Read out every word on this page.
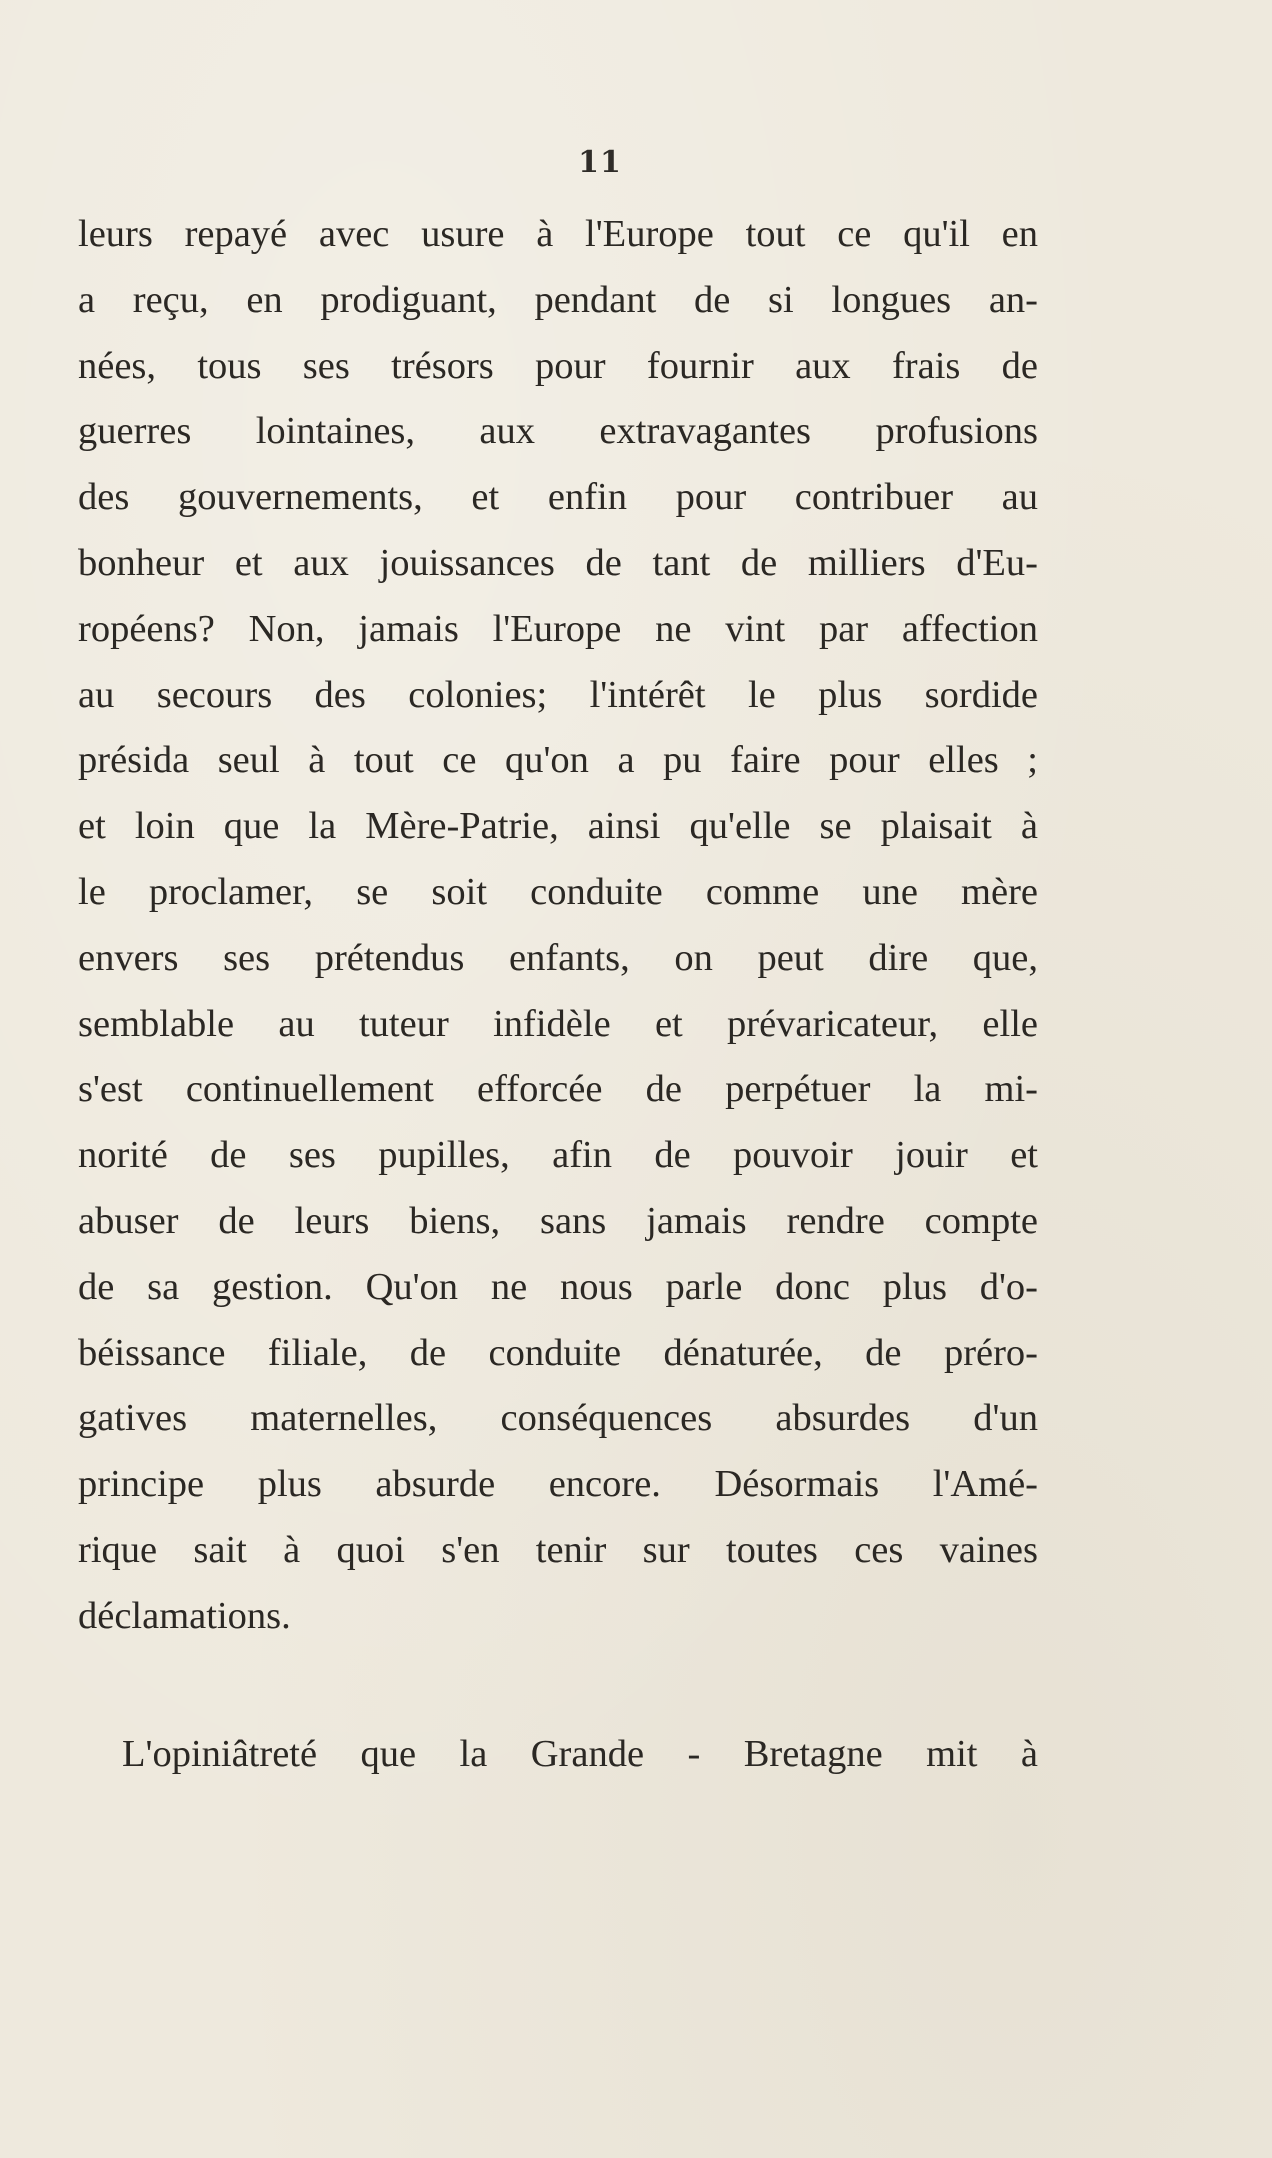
11
leurs repayé avec usure à l'Europe tout ce qu'il en
a reçu, en prodiguant, pendant de si longues an-
nées, tous ses trésors pour fournir aux frais de
guerres lointaines, aux extravagantes profusions
des gouvernements, et enfin pour contribuer au
bonheur et aux jouissances de tant de milliers d'Eu-
ropéens? Non, jamais l'Europe ne vint par affection
au secours des colonies; l'intérêt le plus sordide
présida seul à tout ce qu'on a pu faire pour elles ;
et loin que la Mère-Patrie, ainsi qu'elle se plaisait à
le proclamer, se soit conduite comme une mère
envers ses prétendus enfants, on peut dire que,
semblable au tuteur infidèle et prévaricateur, elle
s'est continuellement efforcée de perpétuer la mi-
norité de ses pupilles, afin de pouvoir jouir et
abuser de leurs biens, sans jamais rendre compte
de sa gestion. Qu'on ne nous parle donc plus d'o-
béissance filiale, de conduite dénaturée, de préro-
gatives maternelles, conséquences absurdes d'un
principe plus absurde encore. Désormais l'Amé-
rique sait à quoi s'en tenir sur toutes ces vaines
déclamations.
L'opiniâtreté que la Grande - Bretagne mit à
